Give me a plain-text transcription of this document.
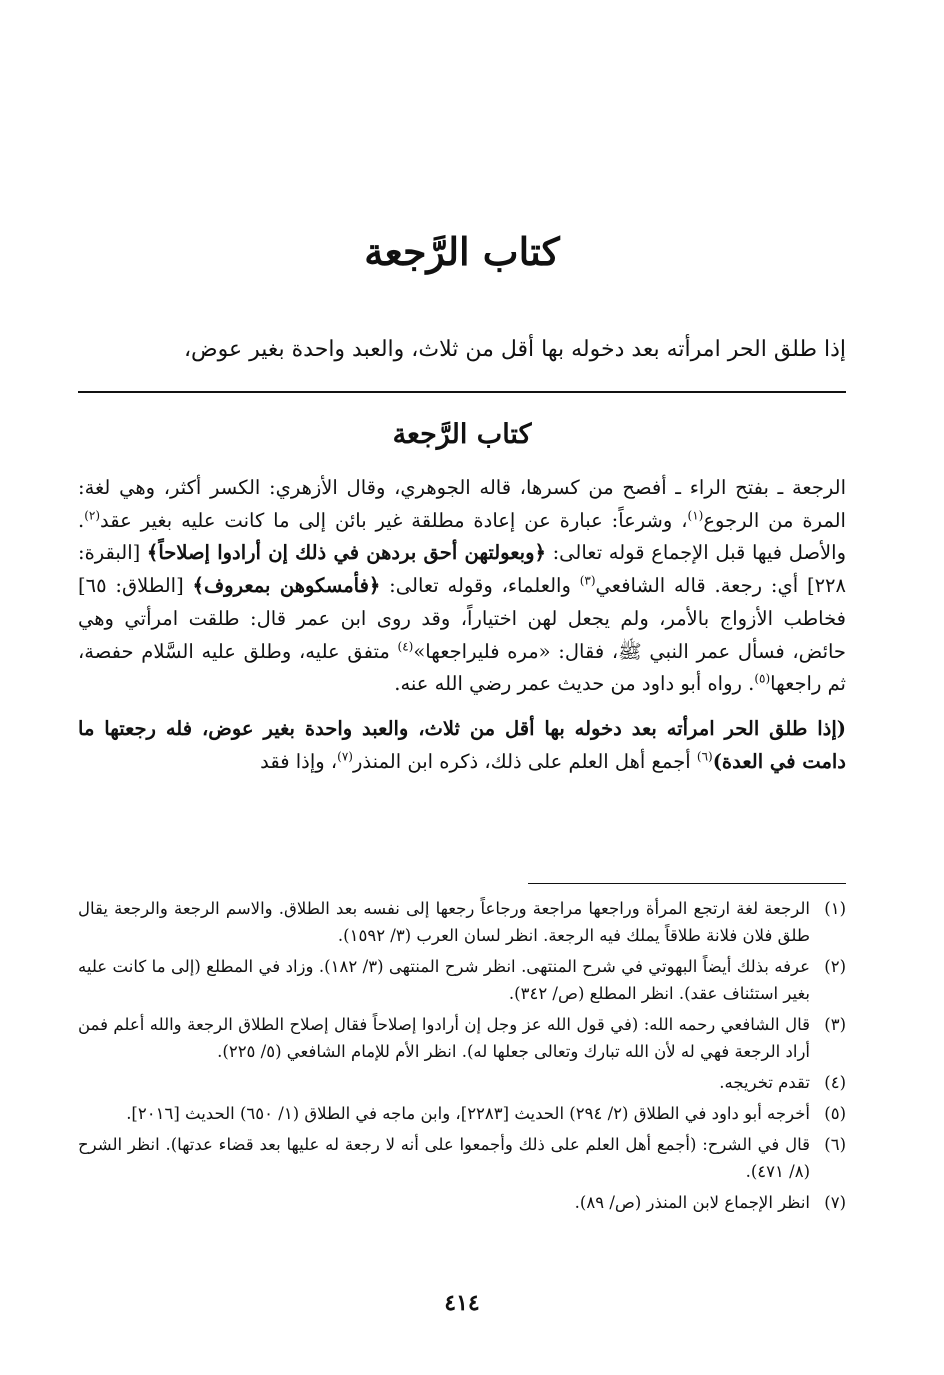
كتاب الرَّجعة
إذا طلق الحر امرأته بعد دخوله بها أقل من ثلاث، والعبد واحدة بغير عوض،
كتاب الرَّجعة

الرجعة ـ بفتح الراء ـ أفصح من كسرها، قاله الجوهري، وقال الأزهري: الكسر أكثر، وهي لغة: المرة من الرجوع$^{(١)}$، وشرعاً: عبارة عن إعادة مطلقة غير بائن إلى ما كانت عليه بغير عقد$^{(٢)}$. والأصل فيها قبل الإجماع قوله تعالى: ﴿وبعولتهن أحق بردهن في ذلك إن أرادوا إصلاحاً﴾ [البقرة: ٢٢٨] أي: رجعة. قاله الشافعي$^{(٣)}$ والعلماء، وقوله تعالى: ﴿فأمسكوهن بمعروف﴾ [الطلاق: ٦٥] فخاطب الأزواج بالأمر، ولم يجعل لهن اختياراً، وقد روى ابن عمر قال: طلقت امرأتي وهي حائض، فسأل عمر النبي ﷺ، فقال: «مره فليراجعها»$^{(٤)}$ متفق عليه، وطلق عليه السَّلام حفصة، ثم راجعها$^{(٥)}$. رواه أبو داود من حديث عمر رضي الله عنه.

(إذا طلق الحر امرأته بعد دخوله بها أقل من ثلاث، والعبد واحدة بغير عوض، فله رجعتها ما دامت في العدة)$^{(٦)}$ أجمع أهل العلم على ذلك، ذكره ابن المنذر$^{(٧)}$، وإذا فقد

(١)
الرجعة لغة ارتجع المرأة وراجعها مراجعة ورجاعاً رجعها إلى نفسه بعد الطلاق. والاسم الرجعة والرجعة يقال طلق فلان فلانة طلاقاً يملك فيه الرجعة. انظر لسان العرب (٣/ ١٥٩٢).
(٢)
عرفه بذلك أيضاً البهوتي في شرح المنتهى. انظر شرح المنتهى (٣/ ١٨٢). وزاد في المطلع (إلى ما كانت عليه بغير استئناف عقد). انظر المطلع (ص/ ٣٤٢).
(٣)
قال الشافعي رحمه الله: (في قول الله عز وجل إن أرادوا إصلاحاً فقال إصلاح الطلاق الرجعة والله أعلم فمن أراد الرجعة فهي له لأن الله تبارك وتعالى جعلها له). انظر الأم للإمام الشافعي (٥/ ٢٢٥).
(٤)
تقدم تخريجه.
(٥)
أخرجه أبو داود في الطلاق (٢/ ٢٩٤) الحديث [٢٢٨٣]، وابن ماجه في الطلاق (١/ ٦٥٠) الحديث [٢٠١٦].
(٦)
قال في الشرح: (أجمع أهل العلم على ذلك وأجمعوا على أنه لا رجعة له عليها بعد قضاء عدتها). انظر الشرح (٨/ ٤٧١).
(٧)
انظر الإجماع لابن المنذر (ص/ ٨٩).
٤١٤
